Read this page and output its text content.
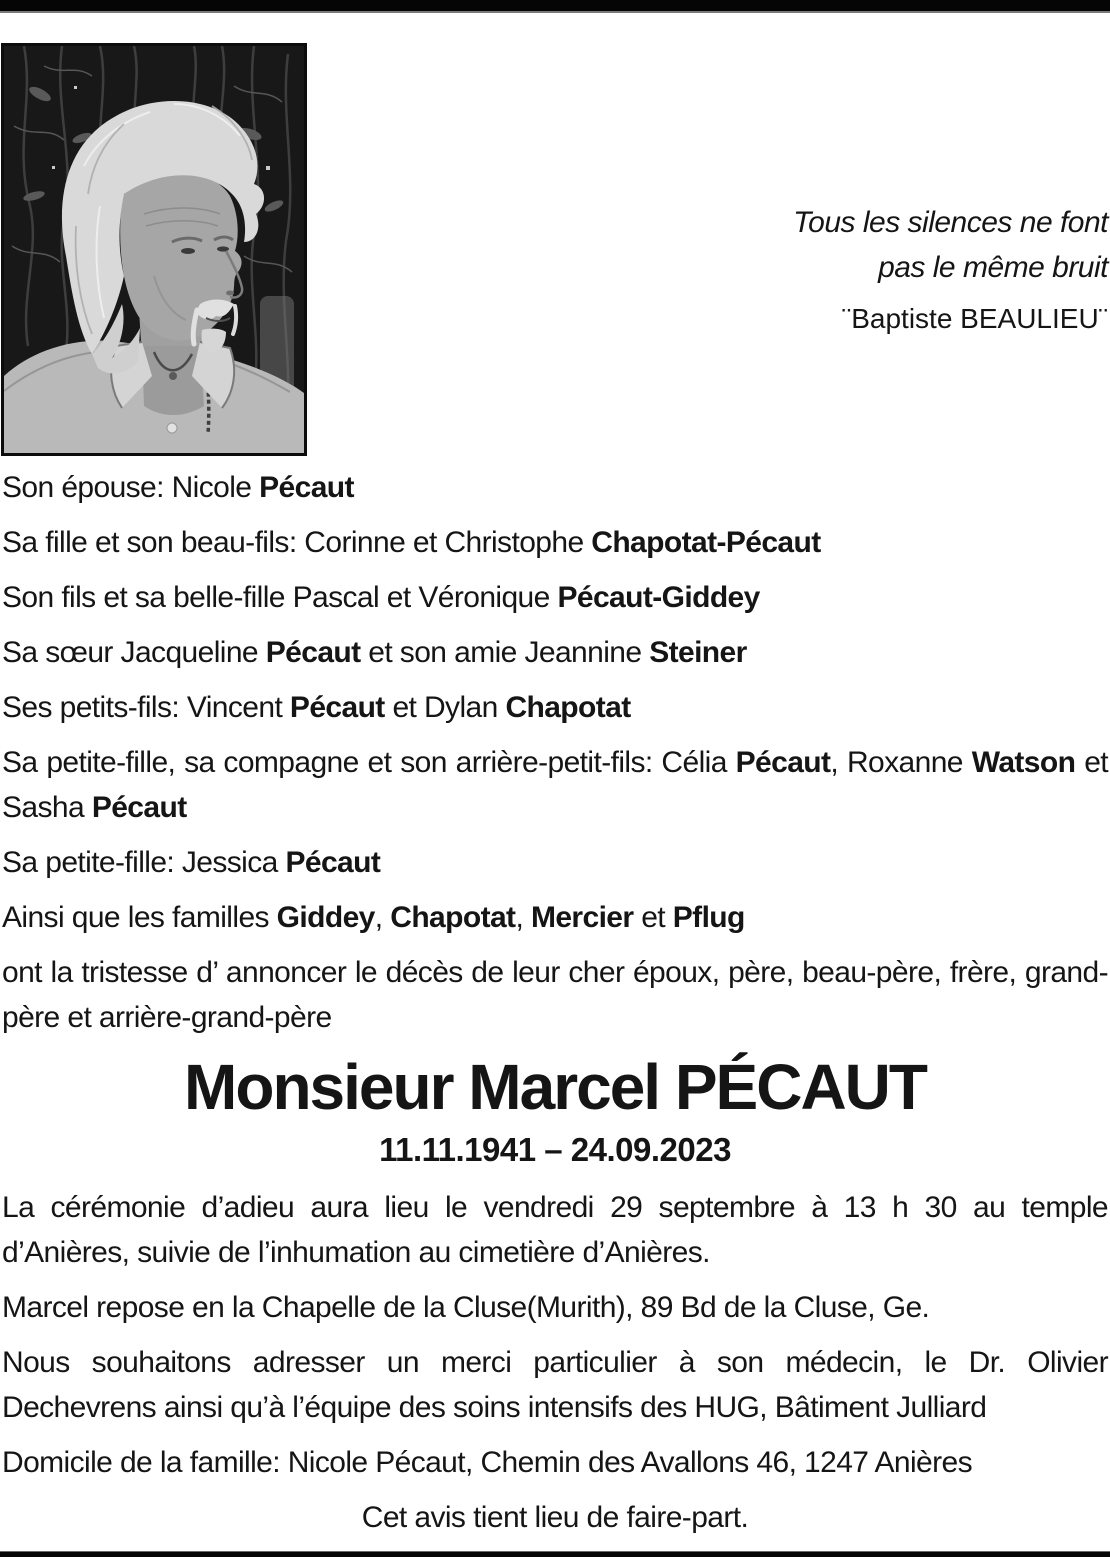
Tous les silences ne font
pas le même bruit
¨Baptiste BEAULIEU¨

Son épouse: Nicole Pécaut

Sa fille et son beau-fils: Corinne et Christophe Chapotat-Pécaut

Son fils et sa belle-fille Pascal et Véronique Pécaut-Giddey

Sa sœur Jacqueline Pécaut et son amie Jeannine Steiner

Ses petits-fils: Vincent Pécaut et Dylan Chapotat

Sa petite-fille, sa compagne et son arrière-petit-fils: Célia Pécaut, Roxanne Watson et Sasha Pécaut

Sa petite-fille: Jessica Pécaut

Ainsi que les familles Giddey, Chapotat, Mercier et Pflug

ont la tristesse d’ annoncer le décès de leur cher époux, père, beau-père, frère, grand-père et arrière-grand-père

Monsieur Marcel PÉCAUT
11.11.1941 – 24.09.2023

La cérémonie d’adieu aura lieu le vendredi 29 septembre à 13 h 30 au temple d’Anières, suivie de l’inhumation au cimetière d’Anières.

Marcel repose en la Chapelle de la Cluse(Murith), 89 Bd de la Cluse, Ge.

Nous souhaitons adresser un merci particulier à son médecin, le Dr. Olivier Dechevrens ainsi qu’à l’équipe des soins intensifs des HUG, Bâtiment Julliard

Domicile de la famille: Nicole Pécaut, Chemin des Avallons 46, 1247 Anières

Cet avis tient lieu de faire-part.
